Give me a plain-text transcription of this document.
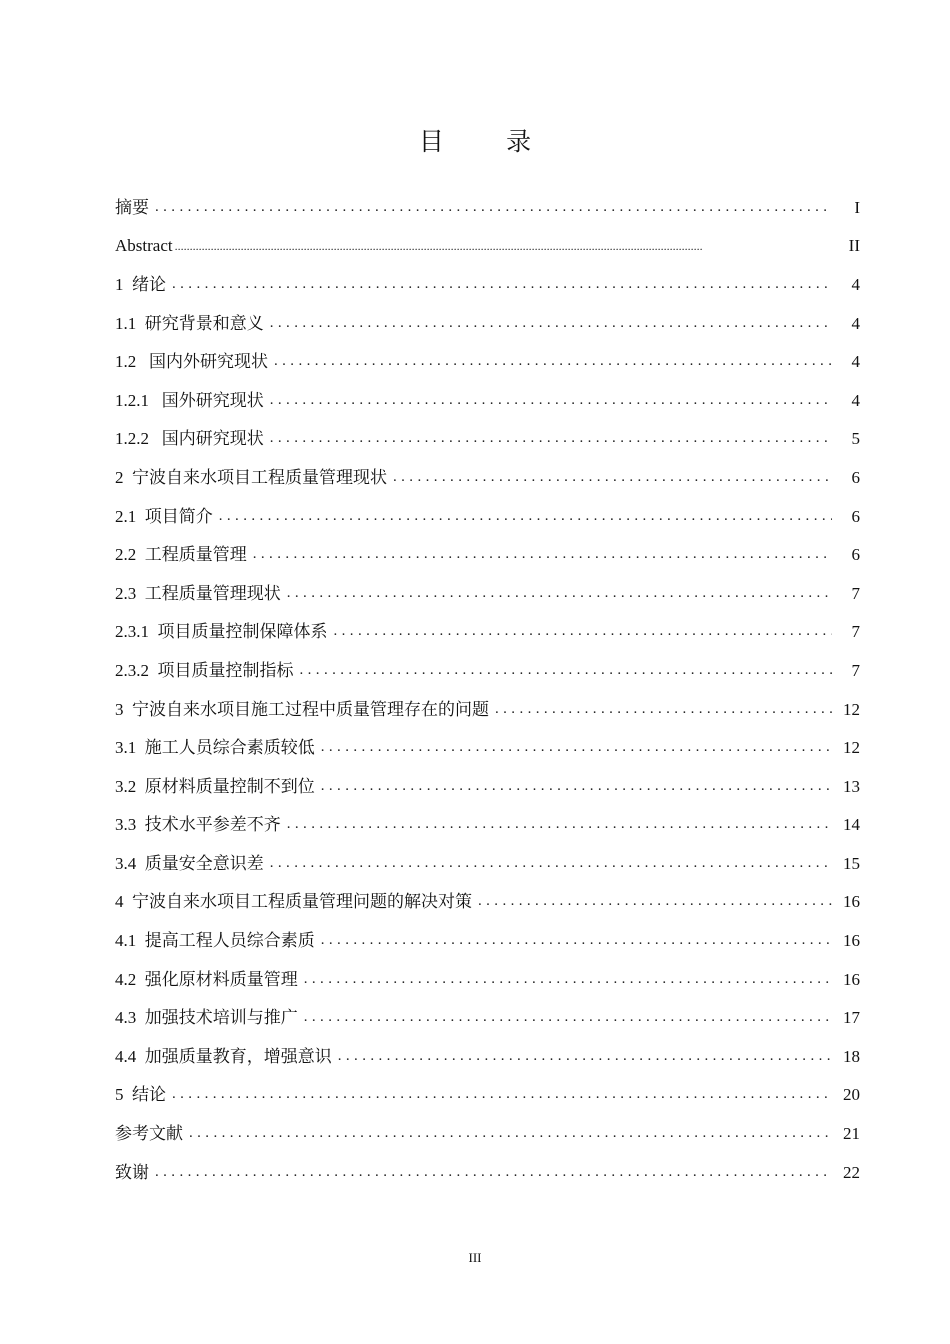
目 录
摘要 .....	I
Abstract .....	II
1  绪论 .....	4
1.1  研究背景和意义 .....	4
1.2   国内外研究现状 .....	4
1.2.1   国外研究现状 .....	4
1.2.2   国内研究现状 .....	5
2  宁波自来水项目工程质量管理现状 .....	6
2.1  项目简介 .....	6
2.2  工程质量管理 .....	6
2.3  工程质量管理现状 .....	7
2.3.1  项目质量控制保障体系 .....	7
2.3.2  项目质量控制指标 .....	7
3  宁波自来水项目施工过程中质量管理存在的问题 .....	12
3.1  施工人员综合素质较低 .....	12
3.2  原材料质量控制不到位 .....	13
3.3  技术水平参差不齐 .....	14
3.4  质量安全意识差 .....	15
4  宁波自来水项目工程质量管理问题的解决对策 .....	16
4.1  提高工程人员综合素质 .....	16
4.2  强化原材料质量管理 .....	16
4.3  加强技术培训与推广 .....	17
4.4  加强质量教育，增强意识 .....	18
5  结论 .....	20
参考文献 .....	21
致谢 .....	22
III
